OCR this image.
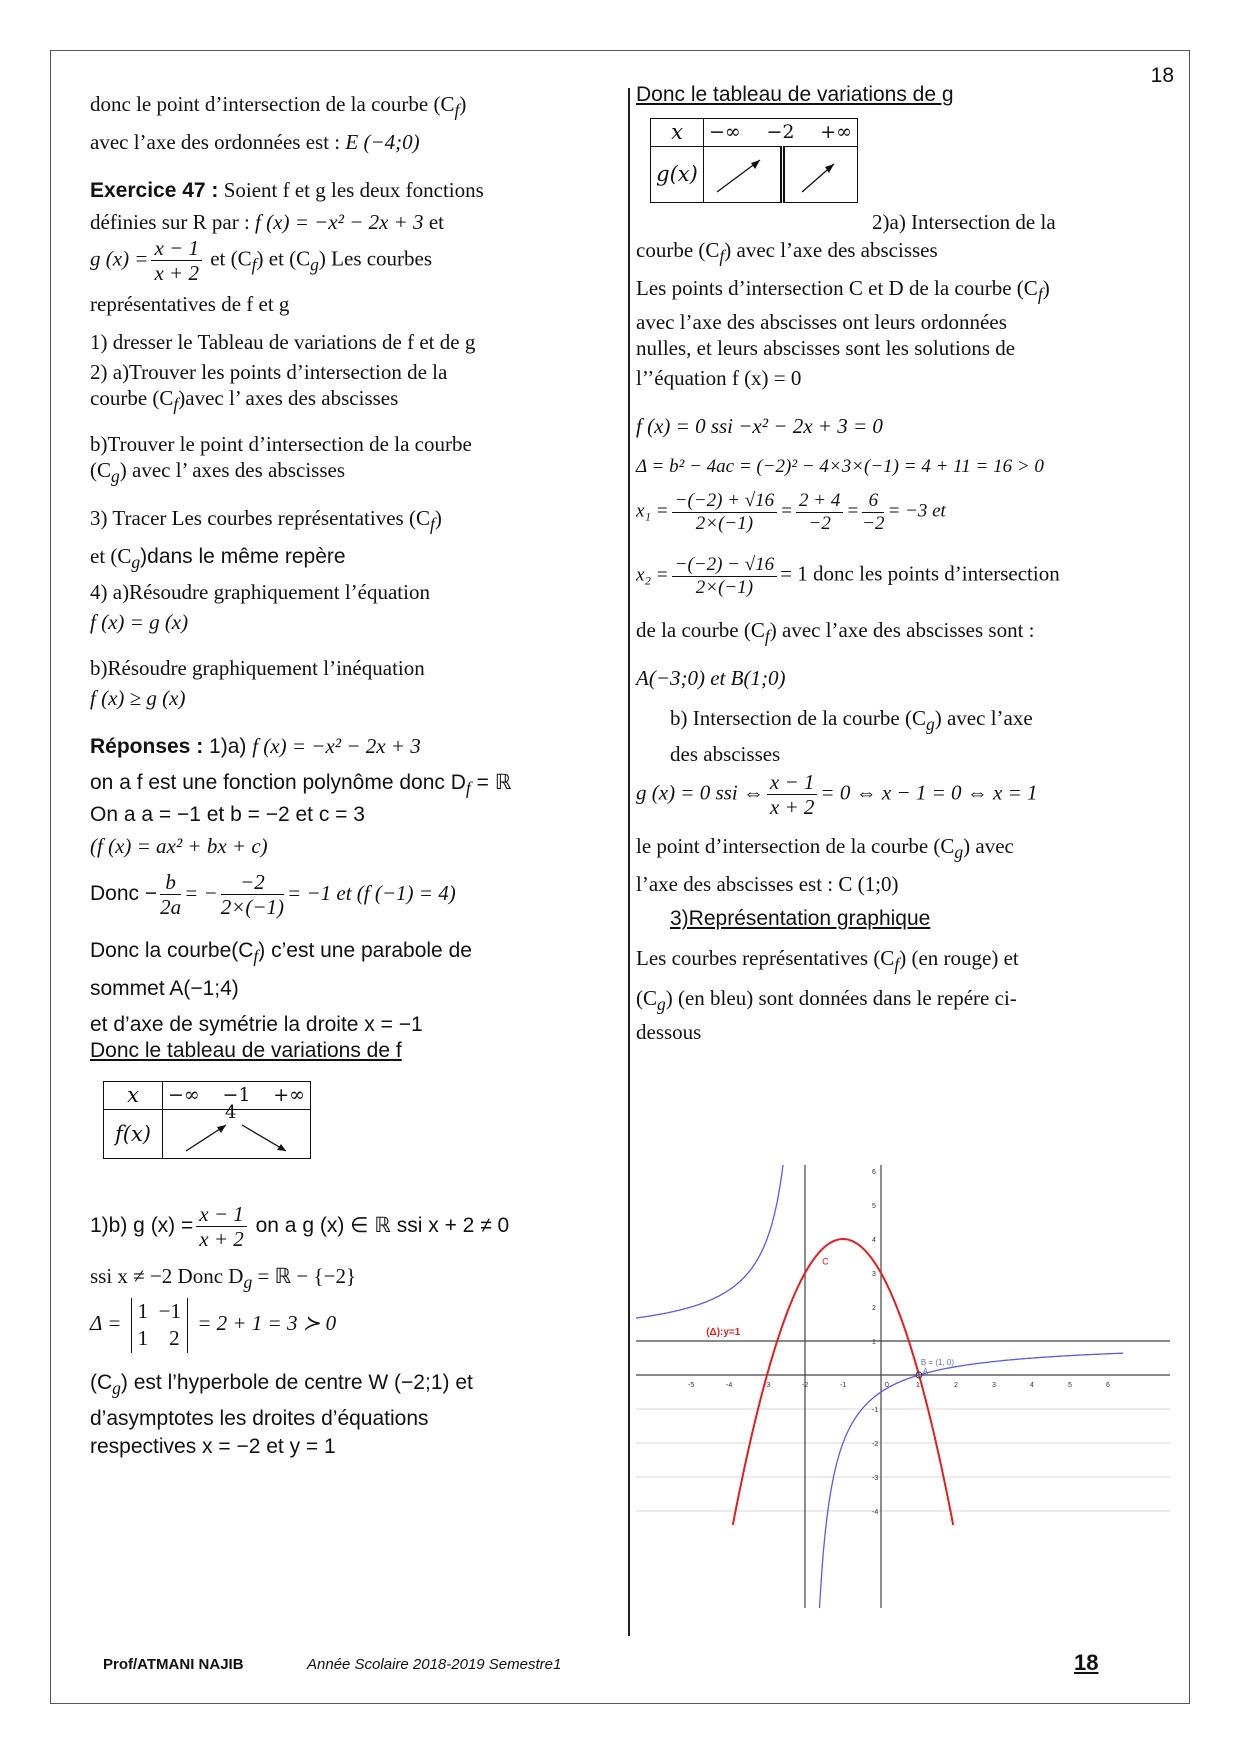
18
donc le point d’intersection de la courbe $(C_f)$
avec l’axe des ordonnées est : E (−4;0)
Exercice 47 : Soient f et g les deux fonctions
définies sur R par : f (x) = −x² − 2x + 3 et
g $(x) = \frac{x - 1}{x + 2}$ et $(C_f)$ et $(C_g)$ Les courbes
représentatives de f et g
1) dresser le Tableau de variations de f et de g
2) a)Trouver les points d’intersection de la
courbe $(C_f)avec$ l’ axes des abscisses
b)Trouver le point d’intersection de la courbe
$(C_g)$ avec l’ axes des abscisses
3) Tracer Les courbes représentatives $(C_f)$
et $(C_g)dans$ le même repère
4) a)Résoudre graphiquement l’équation
f (x) = g (x)
b)Résoudre graphiquement l’inéquation
f (x) ≥ g (x)
Réponses : 1)a) f (x) = −x² − 2x + 3
on a f est une fonction polynôme donc $D_f$ = ℝ
On a a = −1 et b = −2 et c = 3
(f (x) = ax² + bx + c)
Donc − $\frac{b}{2a}$ = − $\frac{-2}{2\times(-1)} = -1$ et (f (−1) = 4)
Donc la $courbe(C_f)$ c’est une parabole de
sommet A(−1;4)
et d’axe de symétrie la droite x = −1
Donc le tableau de variations de f
x	−∞ −1 +∞

f(x)	4
1)b) g $(x) = \frac{x - 1}{x + 2}$ on a g (x) ∈ ℝ ssi x + 2 ≠ 0
ssi x ≠ −2 Donc $D_g$ = ℝ − {−2}
Δ =
1 −1
1 2
= 2 + 1 = 3 ≻ 0
$(C_g)$ est l’hyperbole de centre W (−2;1) et
d’asymptotes les droites d’équations
respectives x = −2 et y = 1
Donc le tableau de variations de g
x	−∞ −2 +∞	

g(x)	

2)a) Intersection de la
courbe $(C_f)$ avec l’axe des abscisses
Les points d’intersection C et D de la courbe $(C_f)$
avec l’axe des abscisses ont leurs ordonnées
nulles, et leurs abscisses sont les solutions de
l’’équation f (x) = 0
f (x) = 0 ssi −x² − 2x + 3 = 0
Δ = b² − 4ac = (−2)² − 4×3×(−1) = 4 + 11 = 16 > 0
$x_1 = \frac{-(-2) + √16}{2\times(-1)} = \frac{2 + 4}{-2} = \frac{6}{-2} = -3$ et
$x_2 = \frac{-(-2) - √16}{2\times(-1)} = 1$ donc les points d’intersection
de la courbe $(C_f)$ avec l’axe des abscisses sont :
A(−3;0) et B(1;0)
b) Intersection de la courbe $(C_g)$ avec l’axe
des abscisses
g (x) = 0 ssi ⇔ $\frac{x - 1}{x + 2} = 0$ ⇔ x − 1 = 0 ⇔ x = 1
le point d’intersection de la courbe $(C_g)$ avec
l’axe des abscisses est : C (1;0)
3)Représentation graphique
Les courbes représentatives $(C_f)$ (en rouge) et
$(C_g)$ (en bleu) sont données dans le repére ci-
dessous
-5	-4	-3	-2	-1	0	1	2	3	4	5	6
6
5
4
3
2
1
-1
-2
-3
-4
(Δ):y=1
B = (1, 0)
A
C
Prof/ATMANI NAJIB	Année Scolaire 2018-2019 Semestre1	18
